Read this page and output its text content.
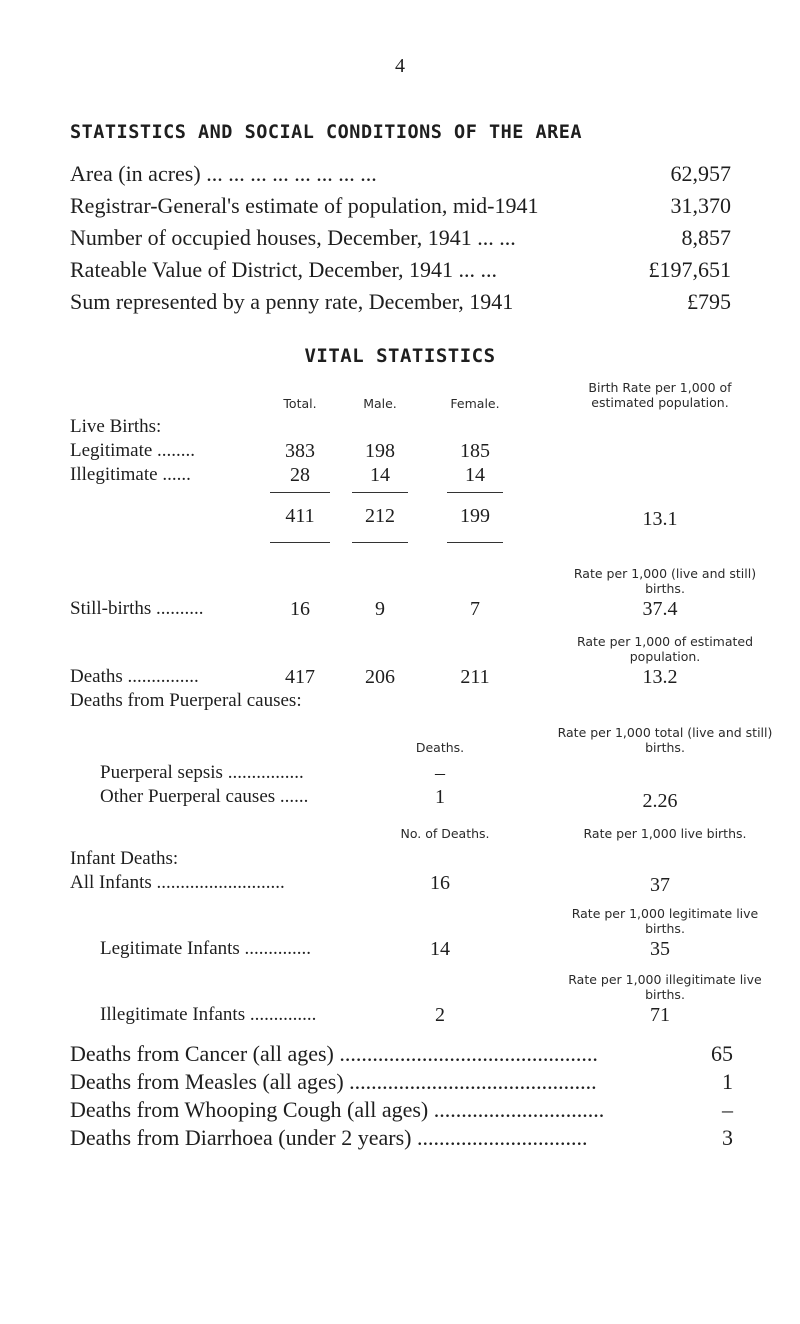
4
STATISTICS AND SOCIAL CONDITIONS OF THE AREA
Area (in acres) ... ... ... ... ... ... ... ...	62,957
Registrar-General's estimate of population, mid-1941	31,370
Number of occupied houses, December, 1941 ... ...	8,857
Rateable Value of District, December, 1941 ... ...	£197,651
Sum represented by a penny rate, December, 1941	£795
VITAL STATISTICS
Total.	Male.	Female.
Birth Rate per 1,000 of estimated population.
Live Births:
Legitimate ........	383	198	185
Illegitimate ......	28	14	14
411	212	199	13.1
Rate per 1,000 (live and still) births.
Still-births ..........	16	9	7	37.4
Rate per 1,000 of estimated population.
Deaths ...............	417	206	211	13.2
Deaths from Puerperal causes:
Deaths.
Rate per 1,000 total (live and still) births.
Puerperal sepsis ................	–
Other Puerperal causes ......	1	2.26
No. of Deaths.	Rate per 1,000 live births.
Infant Deaths:
All Infants ...........................	16	37
Rate per 1,000 legitimate live births.
Legitimate Infants ..............	14	35
Rate per 1,000 illegitimate live births.
Illegitimate Infants ..............	2	71
Deaths from Cancer (all ages) ...............................................	65
Deaths from Measles (all ages) .............................................	1
Deaths from Whooping Cough (all ages) ...............................	–
Deaths from Diarrhoea (under 2 years) ...............................	3
